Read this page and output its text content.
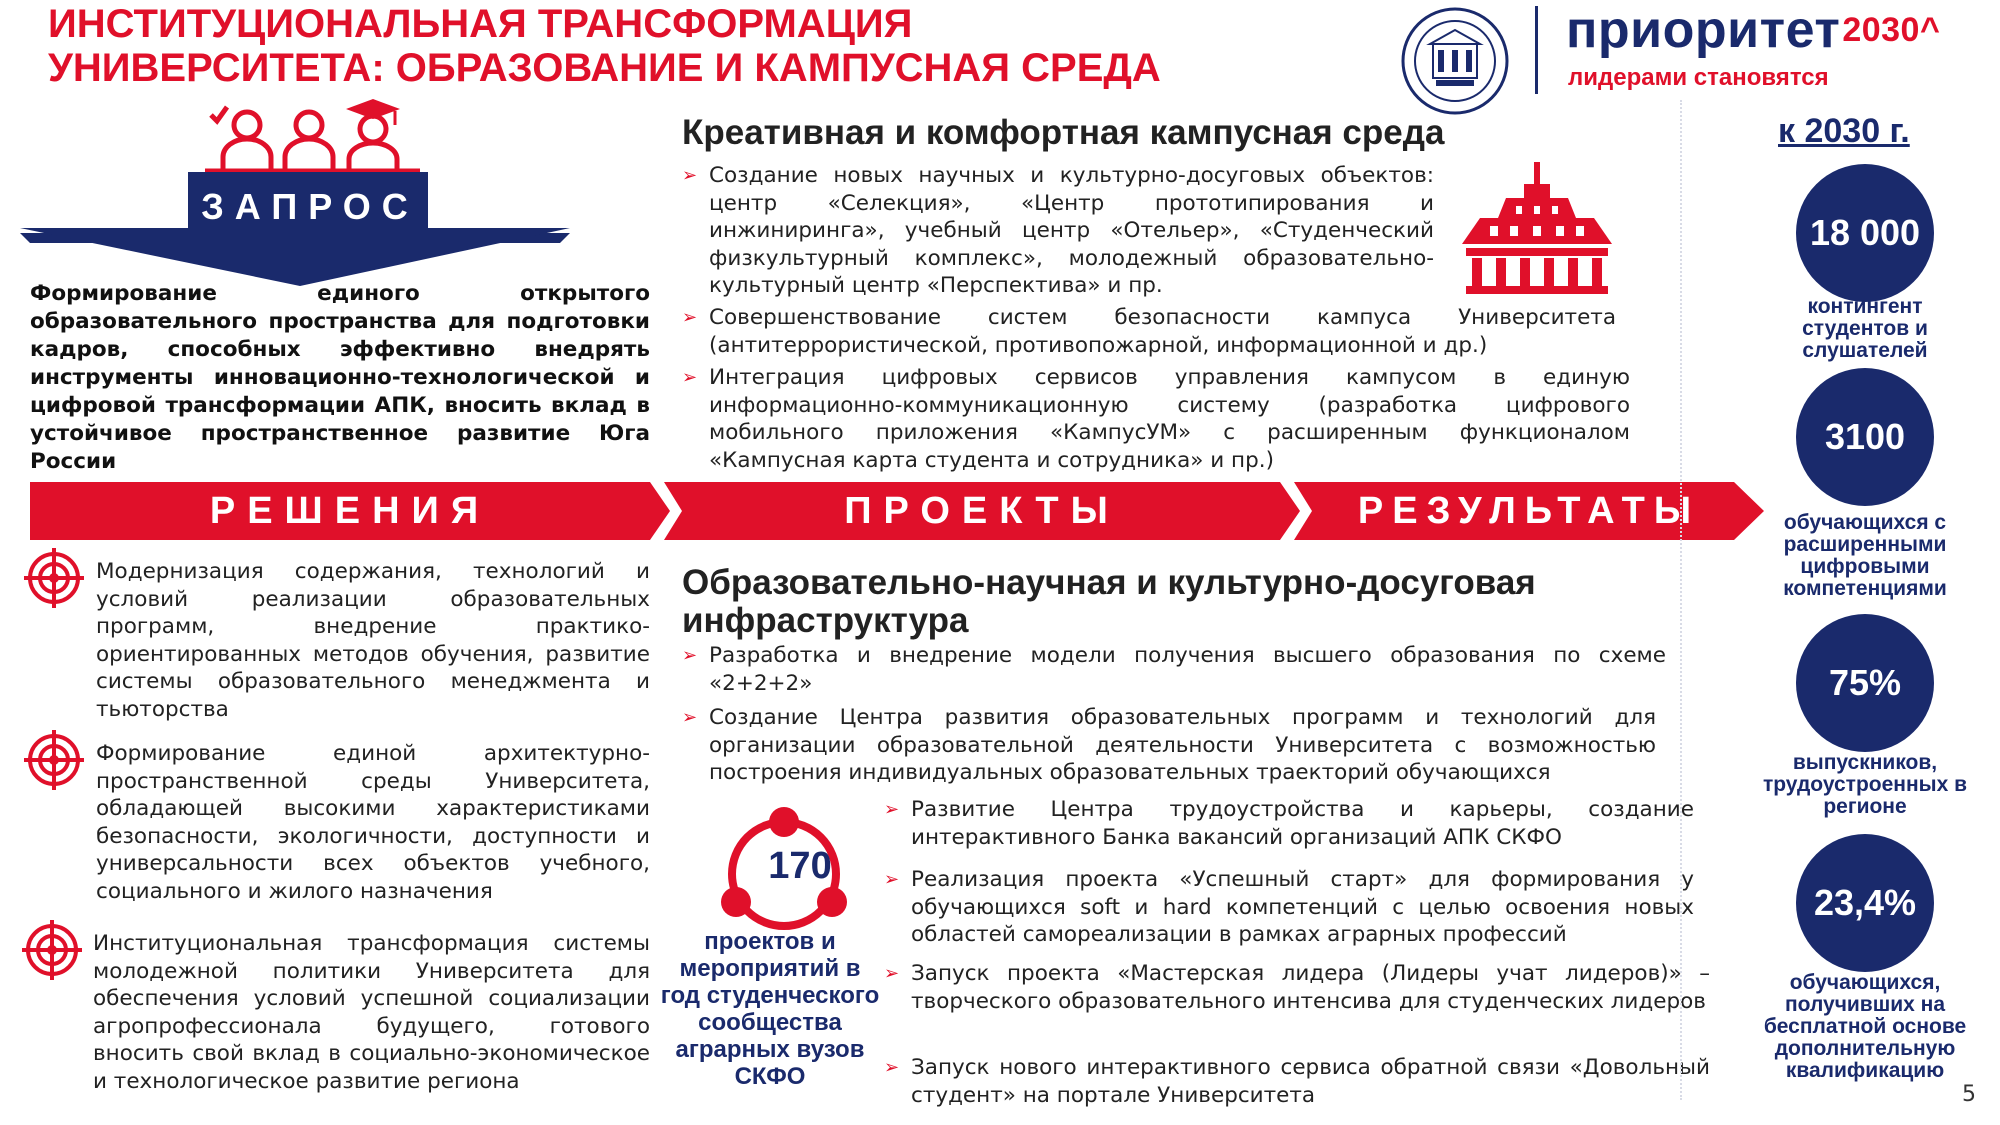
ИНСТИТУЦИОНАЛЬНАЯ ТРАНСФОРМАЦИЯ
УНИВЕРСИТЕТА: ОБРАЗОВАНИЕ И КАМПУСНАЯ СРЕДА
приоритет2030^
лидерами становятся
ЗАПРОС
Формирование единого открытого образовательного пространства для подготовки кадров, способных эффективно внедрять инструменты инновационно-технологической и цифровой трансформации АПК, вносить вклад в устойчивое пространственное развитие Юга России
РЕШЕНИЯ	ПРОЕКТЫ	РЕЗУЛЬТАТЫ
Креативная и комфортная кампусная среда

➢ Создание новых научных и культурно-досуговых объектов: центр «Селекция», «Центр прототипирования и инжиниринга», учебный центр «Отельер», «Студенческий физкультурный комплекс», молодежный образовательно-культурный центр «Перспектива» и пр.

➢ Совершенствование систем безопасности кампуса Университета (антитеррористической, противопожарной, информационной и др.)

➢ Интеграция цифровых сервисов управления кампусом в единую информационно-коммуникационную систему (разработка цифрового мобильного приложения «КампусУМ» с расширенным функционалом «Кампусная карта студента и сотрудника» и пр.)

Модернизация содержания, технологий и условий реализации образовательных программ, внедрение практико-ориентированных методов обучения, развитие системы образовательного менеджмента и тьюторства
Формирование единой архитектурно-пространственной среды Университета, обладающей высокими характеристиками безопасности, экологичности, доступности и универсальности всех объектов учебного, социального и жилого назначения
Институциональная трансформация системы молодежной политики Университета для обеспечения условий успешной социализации агропрофессионала будущего, готового вносить свой вклад в социально-экономическое и технологическое развитие региона
Образовательно-научная и культурно-досуговая
инфраструктура

➢ Разработка и внедрение модели получения высшего образования по схеме «2+2+2»

➢ Создание Центра развития образовательных программ и технологий для организации образовательной деятельности Университета с возможностью построения индивидуальных образовательных траекторий обучающихся

170
проектов и мероприятий в год студенческого сообщества аграрных вузов СКФО

➢ Развитие Центра трудоустройства и карьеры, создание интерактивного Банка вакансий организаций АПК СКФО

➢ Реализация проекта «Успешный старт» для формирования у обучающихся soft и hard компетенций с целью освоения новых областей самореализации в рамках аграрных профессий

➢ Запуск проекта «Мастерская лидера (Лидеры учат лидеров)» – творческого образовательного интенсива для студенческих лидеров

➢ Запуск нового интерактивного сервиса обратной связи «Довольный студент» на портале Университета

к 2030 г.
18 000
контингент студентов и слушателей
3100
обучающихся с расширенными цифровыми компетенциями
75%
выпускников, трудоустроенных в регионе
23,4%
обучающихся, получивших на бесплатной основе дополнительную квалификацию
5
